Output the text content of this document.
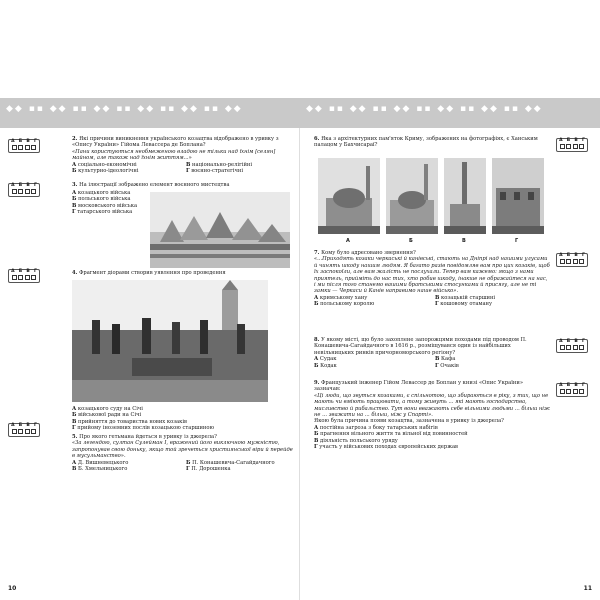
◆◆ ▪▪ ◆◆ ▪▪ ◆◆ ▪▪ ◆◆ ▪▪ ◆◆ ▪▪ ◆◆	◆◆ ▪▪ ◆◆ ▪▪ ◆◆ ▪▪ ◆◆ ▪▪ ◆◆ ▪▪ ◆◆
А Б В Г
А Б В Г
А Б В Г
А Б В Г
2. Які причини виникнення українського козацтва відображено в уривку з «Опису України» Гійома Левассера де Боплана?
«Пани користуються необмеженою владою не тільки над їхнім [селян] майном, але також над їхнім життям...»
А соціально-економічні
Б культурно-ідеологічні
В національно-релігійні
Г воєнно-стратегічні
3. На ілюстрації зображено елемент воєнного мистецтва
А козацького війська
Б польського війська
В московського війська
Г татарського війська
4. Фрагмент діорами створив уявлення про проведення
А козацького суду на Січі
Б військової ради на Січі
В прийняття до товариства нових козаків
Г прийому іноземних послів козацькою старшиною
5. Про якого гетьмана йдеться в уривку із джерела?
«За легендою, султан Сулейман І, вражений його виключною мужністю, запропонував свою доньку, якщо той зречеться християнської віри й перейде в мусульманство».
А Д. Вишневецького
В Б. Хмельницького
Б П. Конашевича-Сагайдачного
Г П. Дорошенка
10
А Б В Г
А Б В Г
А Б В Г
А Б В Г
6. Яка з архітектурних пам'яток Криму, зображених на фотографіях, є Ханським палацом у Бахчисараї?
А	Б	В	Г
7. Кому було адресовано звернення?
«...Приходять козаки черкаські й канівські, стають на Дніпрі над нашими улусами й чинять шкоду нашим людям. Я багато разів повідомляв вам про цих козаків, щоб їх заспокоїли, але вам жалість не послухали. Тепер вам кажемо: якщо з нами приятель, прийміть до нас тих, хто робив шкоду, інакше не ображайтеся на нас, і ми після того станемо вашими братськими стосунками й присягу, але не ті замки — Черкаси й Канів направимо наше військо».
А кримському хану
Б польському королю
В козацькій старшині
Г кошовому отаману
8. У якому місті, що було захоплене запорожцями походами під проводом П. Конашевича-Сагайдачного в 1616 р., розміщувався один із найбільших невільницьких ринків причорноморського регіону?
А Судак
Б Кодак
В Кафа
Г Очаків
9. Французький інженер Гійом Левассер де Боплан у книзі «Опис України» зазначав:
«Ці люди, що звуться козаками, є спільнотою, що збираються в ріку, з тих, що не мають чи вміють працювати, а тому живуть ... які мають господарства, мисливство й рибальство. Тут вони вважають себе вільними людьми ... більш ніж не ... зважати на ... більш, ніж у Спарті».
Якою була причина появи козацтва, зазначена в уривку із джерела?
А постійна загроза з боку татарських набігів
Б прагнення вільного життя та вільної від повинностей
В діяльність польського уряду
Г участь у військових походах європейських держав
11
